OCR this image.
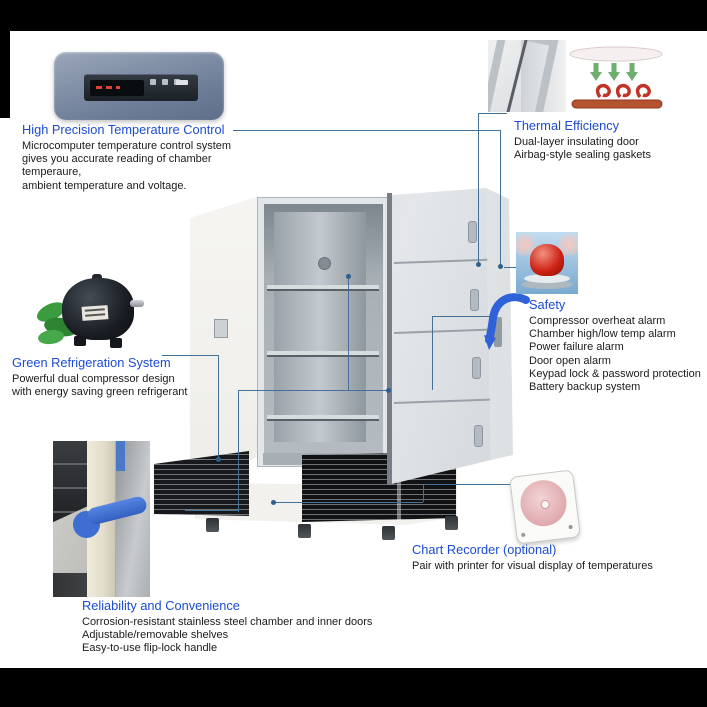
High Precision Temperature Control
Microcomputer temperature control system
gives you accurate reading of chamber temperaure,
ambient temperature and voltage.
Thermal Efficiency
Dual-layer insulating door
Airbag-style sealing gaskets
Safety
Compressor overheat alarm
Chamber high/low temp alarm
Power failure alarm
Door open alarm
Keypad lock & password protection
Battery backup system
Green Refrigeration System
Powerful dual compressor design
with energy saving green refrigerant
Reliability and Convenience
Corrosion-resistant stainless steel chamber and inner doors
Adjustable/removable shelves
Easy-to-use flip-lock handle
Chart Recorder (optional)
Pair with printer for visual display of temperatures
